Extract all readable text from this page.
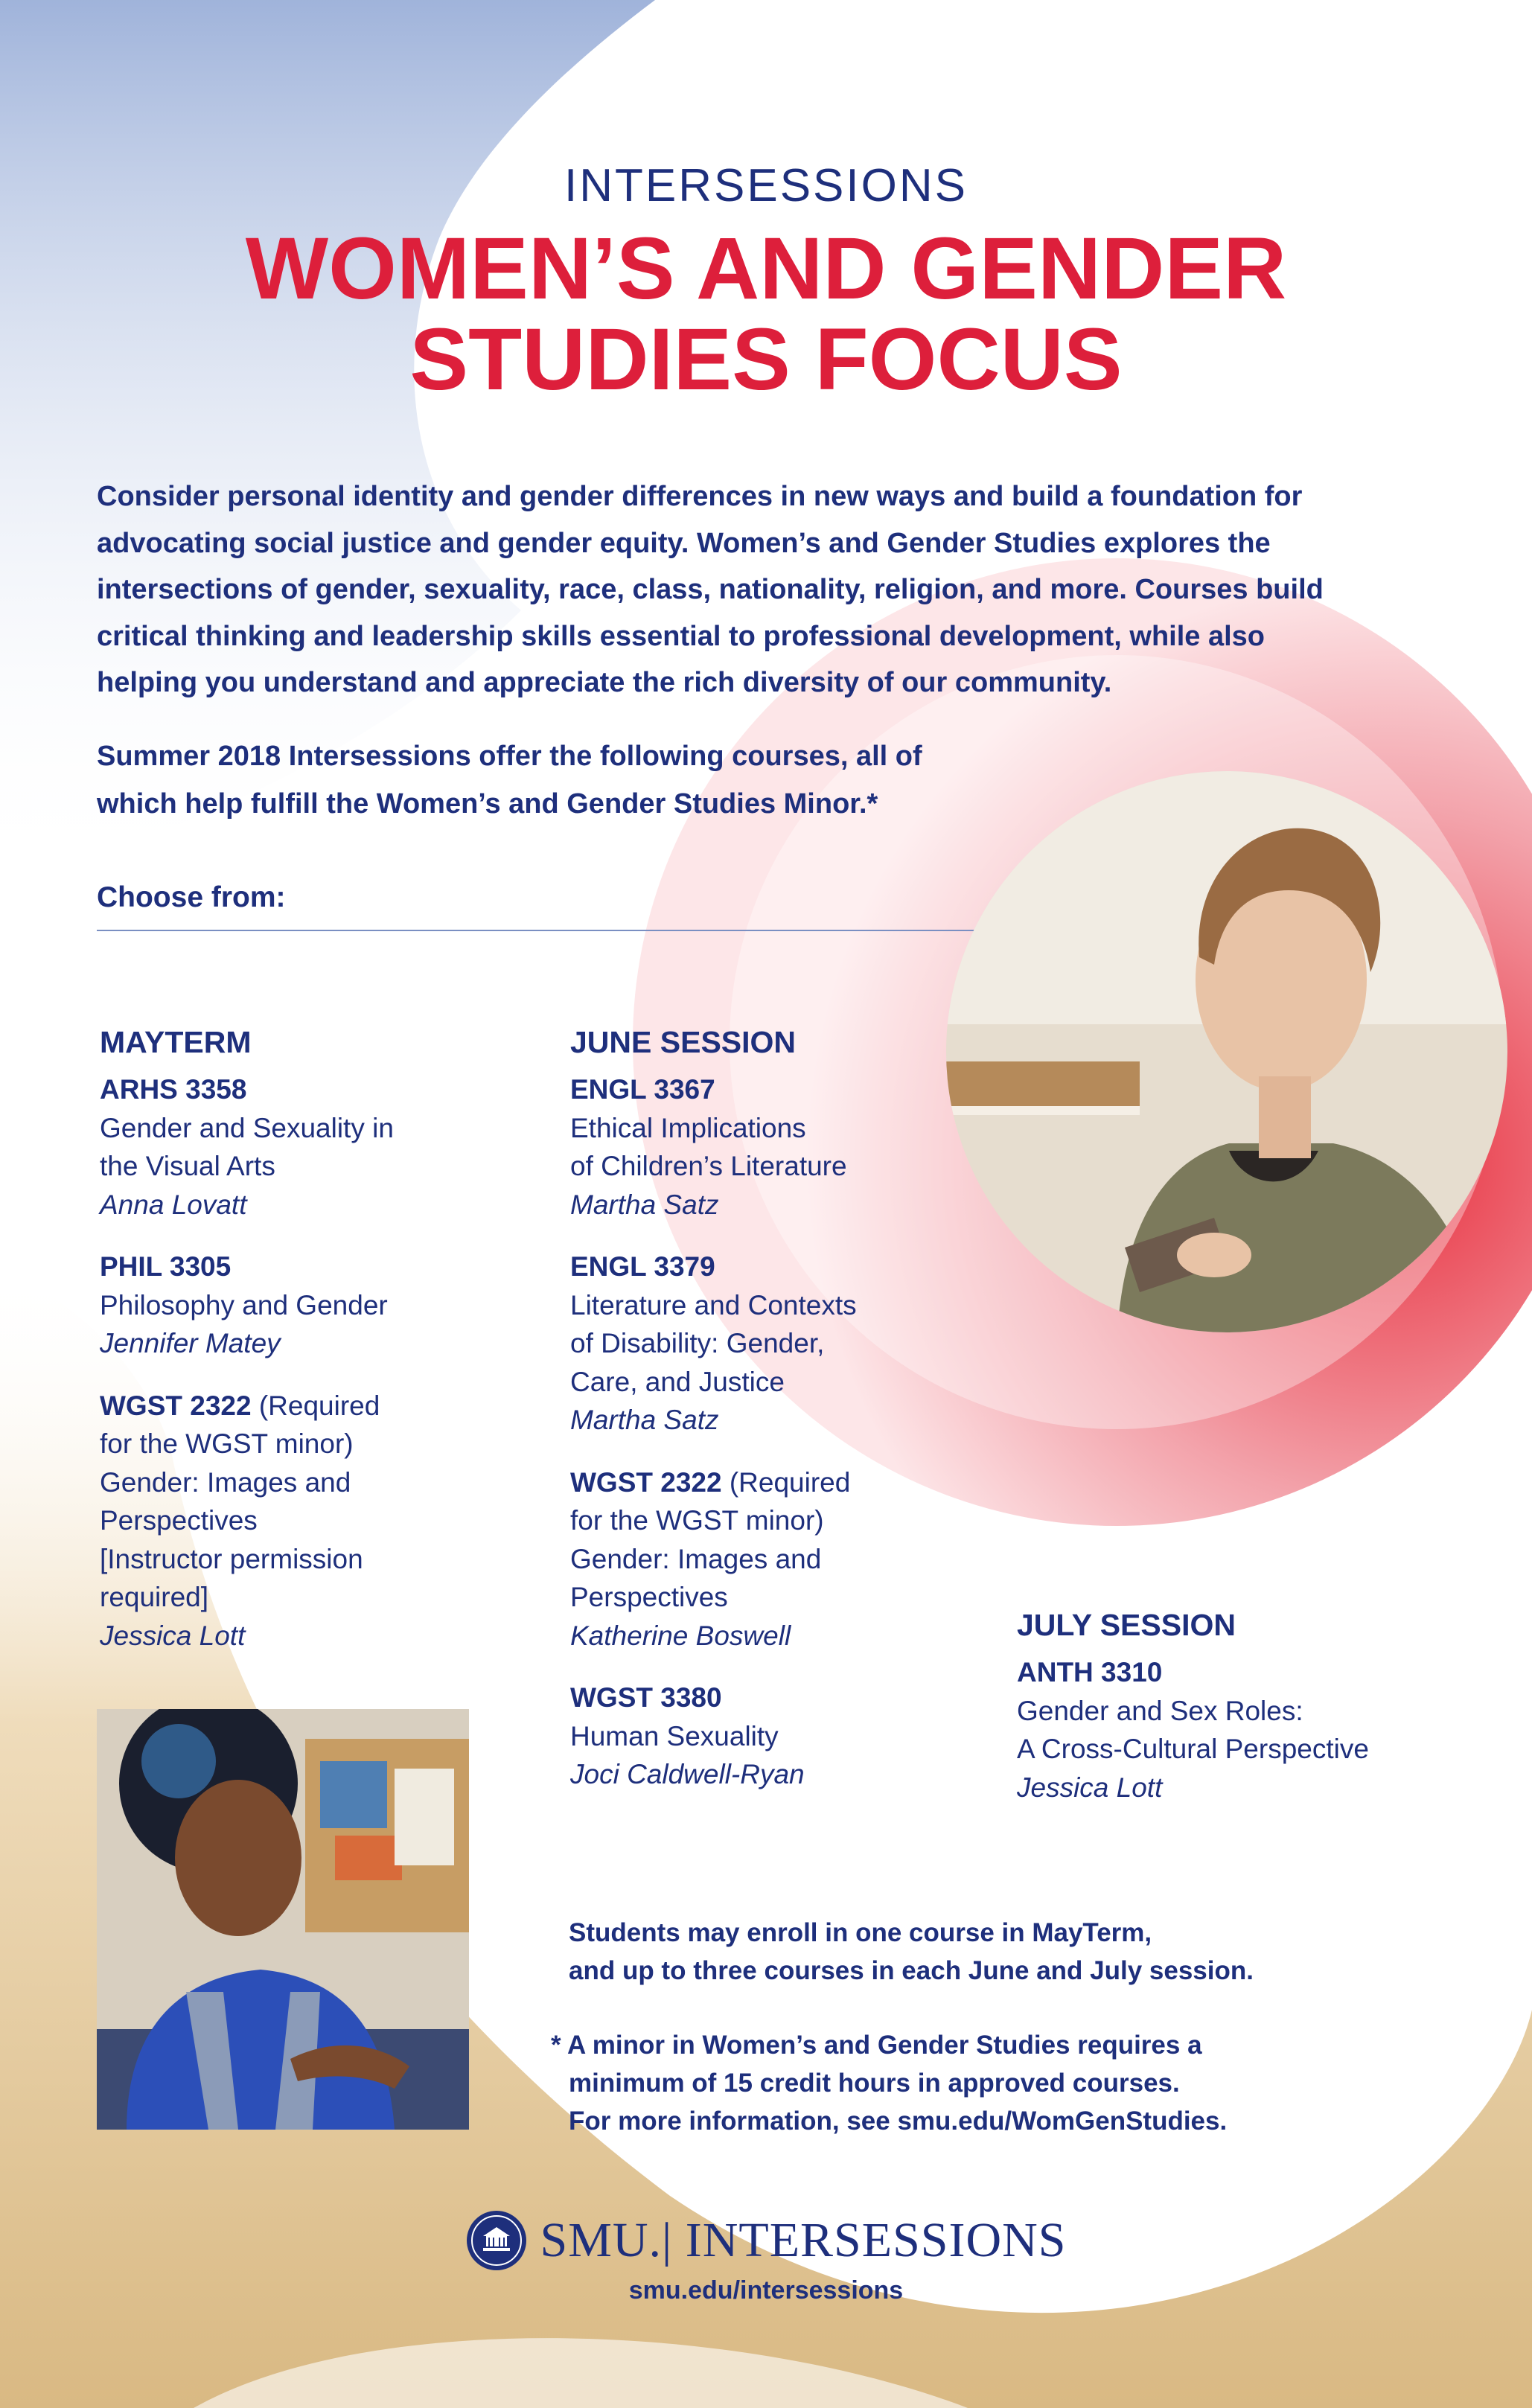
INTERSESSIONS
WOMEN’S AND GENDER
STUDIES FOCUS
Consider personal identity and gender differences in new ways and build a foundation for
advocating social justice and gender equity. Women’s and Gender Studies explores the
intersections of gender, sexuality, race, class, nationality, religion, and more. Courses build
critical thinking and leadership skills essential to professional development, while also
helping you understand and appreciate the rich diversity of our community.
Summer 2018 Intersessions offer the following courses, all of
which help fulfill the Women’s and Gender Studies Minor.*
Choose from:
MAYTERM
ARHS 3358
Gender and Sexuality in
the Visual Arts
Anna Lovatt
PHIL 3305
Philosophy and Gender
Jennifer Matey
WGST 2322 (Required
for the WGST minor)
Gender: Images and
Perspectives
[Instructor permission
required]
Jessica Lott
JUNE SESSION
ENGL 3367
Ethical Implications
of Children’s Literature
Martha Satz
ENGL 3379
Literature and Contexts
of Disability: Gender,
Care, and Justice
Martha Satz
WGST 2322 (Required
for the WGST minor)
Gender: Images and
Perspectives
Katherine Boswell
WGST 3380
Human Sexuality
Joci Caldwell-Ryan
JULY SESSION
ANTH 3310
Gender and Sex Roles:
A Cross-Cultural Perspective
Jessica Lott
Students may enroll in one course in MayTerm,
and up to three courses in each June and July session.
* A minor in Women’s and Gender Studies requires a
minimum of 15 credit hours in approved courses.
For more information, see smu.edu/WomGenStudies.
SMU.| INTERSESSIONS
smu.edu/intersessions
